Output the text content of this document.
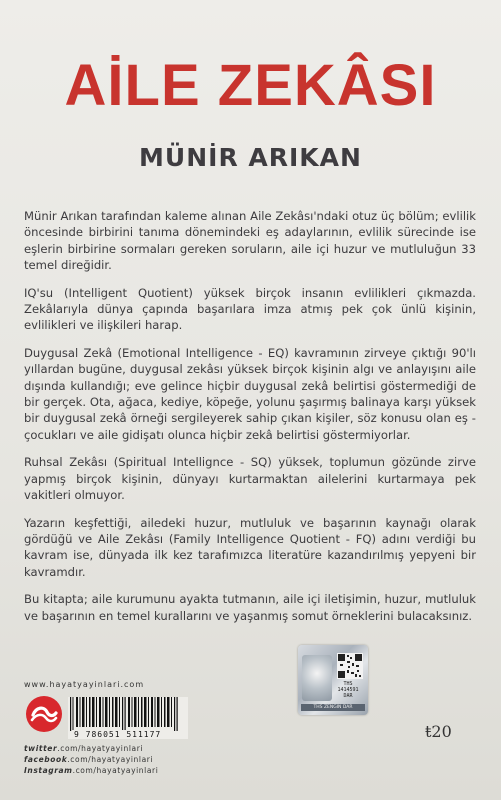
AİLE ZEKÂSI
MÜNİR ARIKAN

Münir Arıkan tarafından kaleme alınan Aile Zekâsı'ndaki otuz üç bölüm; evlilik öncesinde birbirini tanıma dönemindeki eş adaylarının, evlilik sürecinde ise eşlerin birbirine sormaları gereken soruların, aile içi huzur ve mutluluğun 33 temel direğidir.

IQ'su (Intelligent Quotient) yüksek birçok insanın evlilikleri çıkmazda. Zekâlarıyla dünya çapında başarılara imza atmış pek çok ünlü kişinin, evlilikleri ve ilişkileri harap.

Duygusal Zekâ (Emotional Intelligence - EQ) kavramının zirveye çıktığı 90'lı yıllardan bugüne, duygusal zekâsı yüksek birçok kişinin algı ve anlayışını aile dışında kullandığı; eve gelince hiçbir duygusal zekâ belirtisi göstermediği de bir gerçek. Ota, ağaca, kediye, köpeğe, yolunu şaşırmış balinaya karşı yüksek bir duygusal zekâ örneği sergileyerek sahip çıkan kişiler, söz konusu olan eş - çocukları ve aile gidişatı olunca hiçbir zekâ belirtisi göstermiyorlar.

Ruhsal Zekâsı (Spiritual Intellignce - SQ) yüksek, toplumun gözünde zirve yapmış birçok kişinin, dünyayı kurtarmaktan ailelerini kurtarmaya pek vakitleri olmuyor.

Yazarın keşfettiği, ailedeki huzur, mutluluk ve başarının kaynağı olarak gördüğü ve Aile Zekâsı (Family Intelligence Quotient - FQ) adını verdiği bu kavram ise, dünyada ilk kez tarafımızca literatüre kazandırılmış yepyeni bir kavramdır.

Bu kitapta; aile kurumunu ayakta tutmanın, aile içi iletişimin, huzur, mutluluk ve başarının en temel kurallarını ve yaşanmış somut örneklerini bulacaksınız.

www.hayatyayinlari.com
9 786051 511177
twitter.com/hayatyayinlari
facebook.com/hayatyayinlari
Instagram.com/hayatyayinlari
THS
1414591
DAR
THS ZENGIN DAR
ŧ20
